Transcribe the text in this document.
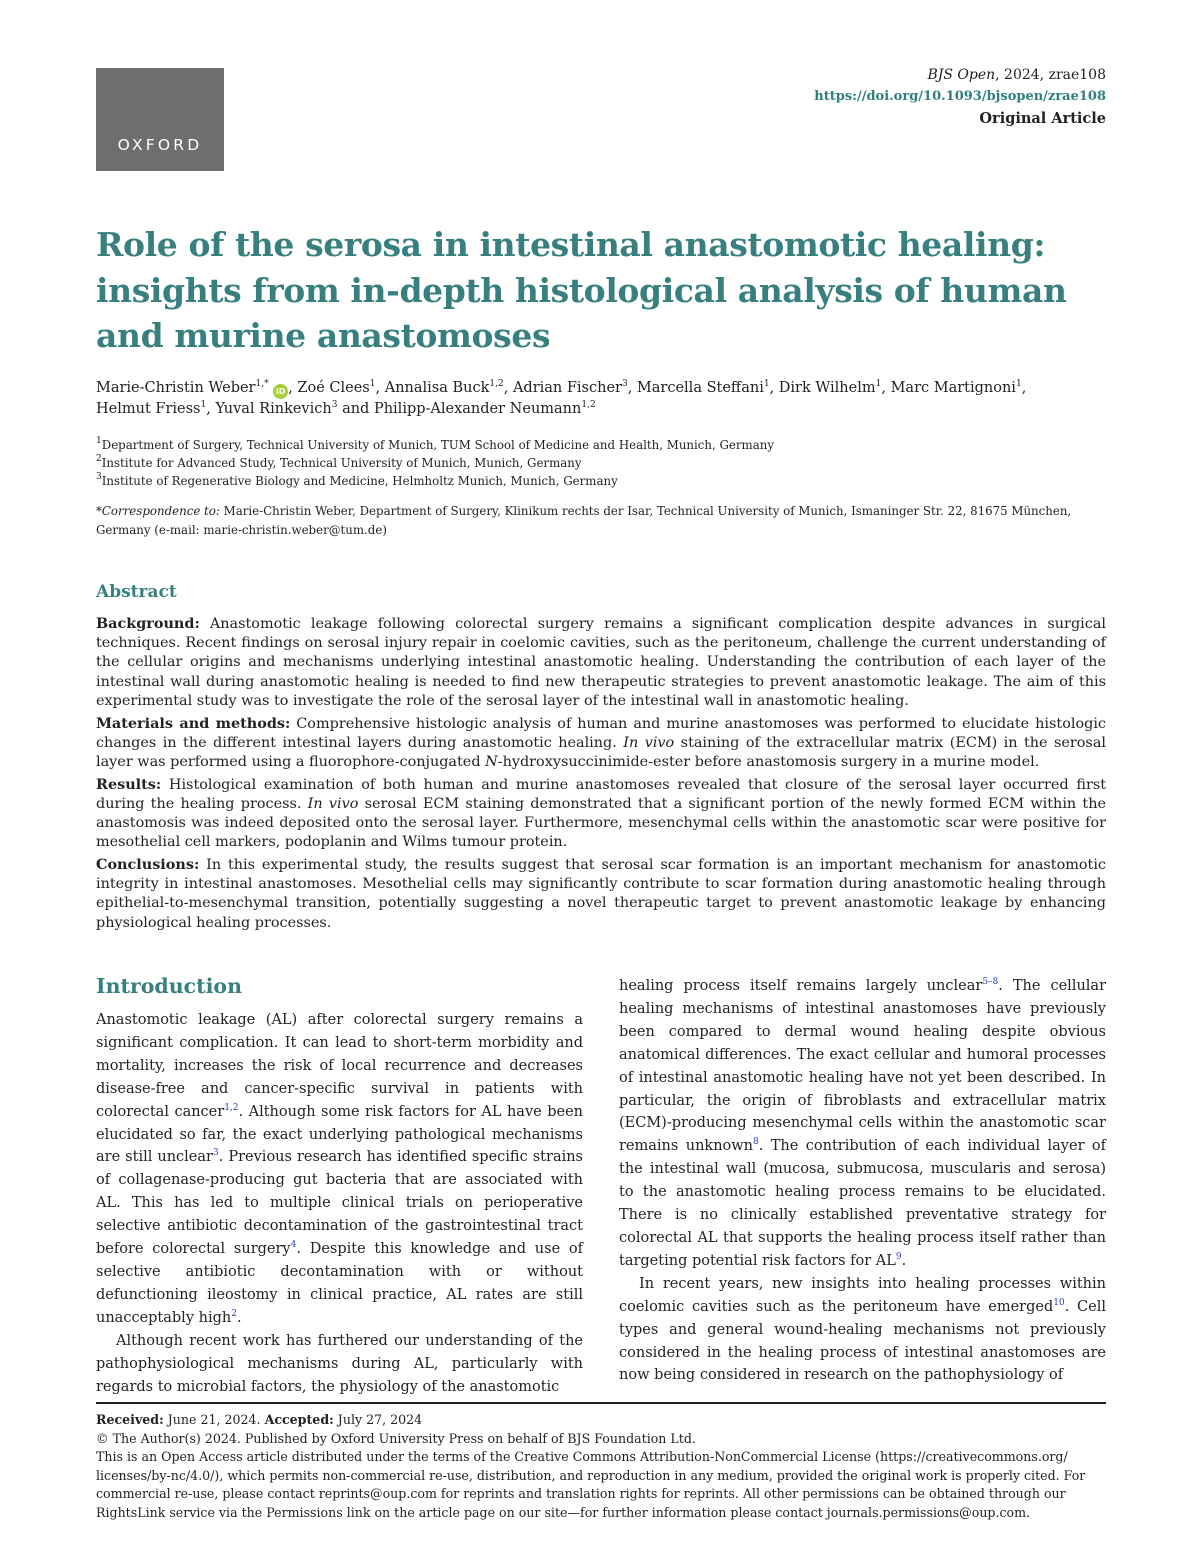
OXFORD
BJS Open, 2024, zrae108
https://doi.org/10.1093/bjsopen/zrae108
Original Article
Role of the serosa in intestinal anastomotic healing: insights from in-depth histological analysis of human and murine anastomoses
Marie-Christin Weber$^{1,*}$ iD , Zoé Clees$^1$, Annalisa Buck$^{1,2}$, Adrian Fischer$^3$, Marcella Steffani$^1$, Dirk Wilhelm$^1$, Marc Martignoni$^1$,
Helmut Friess$^1$, Yuval Rinkevich$^3$ and Philipp-Alexander Neumann$^{1,2}$
$^1$Department of Surgery, Technical University of Munich, TUM School of Medicine and Health, Munich, Germany
$^2$Institute for Advanced Study, Technical University of Munich, Munich, Germany
$^3$Institute of Regenerative Biology and Medicine, Helmholtz Munich, Munich, Germany
*Correspondence to: Marie-Christin Weber, Department of Surgery, Klinikum rechts der Isar, Technical University of Munich, Ismaninger Str. 22, 81675 München, Germany (e-mail: marie-christin.weber@tum.de)
Abstract

Background: Anastomotic leakage following colorectal surgery remains a significant complication despite advances in surgical techniques. Recent findings on serosal injury repair in coelomic cavities, such as the peritoneum, challenge the current understanding of the cellular origins and mechanisms underlying intestinal anastomotic healing. Understanding the contribution of each layer of the intestinal wall during anastomotic healing is needed to find new therapeutic strategies to prevent anastomotic leakage. The aim of this experimental study was to investigate the role of the serosal layer of the intestinal wall in anastomotic healing.

Materials and methods: Comprehensive histologic analysis of human and murine anastomoses was performed to elucidate histologic changes in the different intestinal layers during anastomotic healing. In vivo staining of the extracellular matrix (ECM) in the serosal layer was performed using a fluorophore-conjugated N-hydroxysuccinimide-ester before anastomosis surgery in a murine model.

Results: Histological examination of both human and murine anastomoses revealed that closure of the serosal layer occurred first during the healing process. In vivo serosal ECM staining demonstrated that a significant portion of the newly formed ECM within the anastomosis was indeed deposited onto the serosal layer. Furthermore, mesenchymal cells within the anastomotic scar were positive for mesothelial cell markers, podoplanin and Wilms tumour protein.

Conclusions: In this experimental study, the results suggest that serosal scar formation is an important mechanism for anastomotic integrity in intestinal anastomoses. Mesothelial cells may significantly contribute to scar formation during anastomotic healing through epithelial-to-mesenchymal transition, potentially suggesting a novel therapeutic target to prevent anastomotic leakage by enhancing physiological healing processes.

Introduction

Anastomotic leakage (AL) after colorectal surgery remains a significant complication. It can lead to short-term morbidity and mortality, increases the risk of local recurrence and decreases disease-free and cancer-specific survival in patients with colorectal cancer$^{1,2}$. Although some risk factors for AL have been elucidated so far, the exact underlying pathological mechanisms are still unclear$^3$. Previous research has identified specific strains of collagenase-producing gut bacteria that are associated with AL. This has led to multiple clinical trials on perioperative selective antibiotic decontamination of the gastrointestinal tract before colorectal surgery$^4$. Despite this knowledge and use of selective antibiotic decontamination with or without defunctioning ileostomy in clinical practice, AL rates are still unacceptably high$^2$.

Although recent work has furthered our understanding of the pathophysiological mechanisms during AL, particularly with regards to microbial factors, the physiology of the anastomotic

healing process itself remains largely unclear$^{5-8}$. The cellular healing mechanisms of intestinal anastomoses have previously been compared to dermal wound healing despite obvious anatomical differences. The exact cellular and humoral processes of intestinal anastomotic healing have not yet been described. In particular, the origin of fibroblasts and extracellular matrix (ECM)-producing mesenchymal cells within the anastomotic scar remains unknown$^8$. The contribution of each individual layer of the intestinal wall (mucosa, submucosa, muscularis and serosa) to the anastomotic healing process remains to be elucidated. There is no clinically established preventative strategy for colorectal AL that supports the healing process itself rather than targeting potential risk factors for AL$^9$.

In recent years, new insights into healing processes within coelomic cavities such as the peritoneum have emerged$^{10}$. Cell types and general wound-healing mechanisms not previously considered in the healing process of intestinal anastomoses are now being considered in research on the pathophysiology of

Received: June 21, 2024. Accepted: July 27, 2024
© The Author(s) 2024. Published by Oxford University Press on behalf of BJS Foundation Ltd.
This is an Open Access article distributed under the terms of the Creative Commons Attribution-NonCommercial License (https://creativecommons.org/ licenses/by-nc/4.0/), which permits non-commercial re-use, distribution, and reproduction in any medium, provided the original work is properly cited. For commercial re-use, please contact reprints@oup.com for reprints and translation rights for reprints. All other permissions can be obtained through our RightsLink service via the Permissions link on the article page on our site—for further information please contact journals.permissions@oup.com.
